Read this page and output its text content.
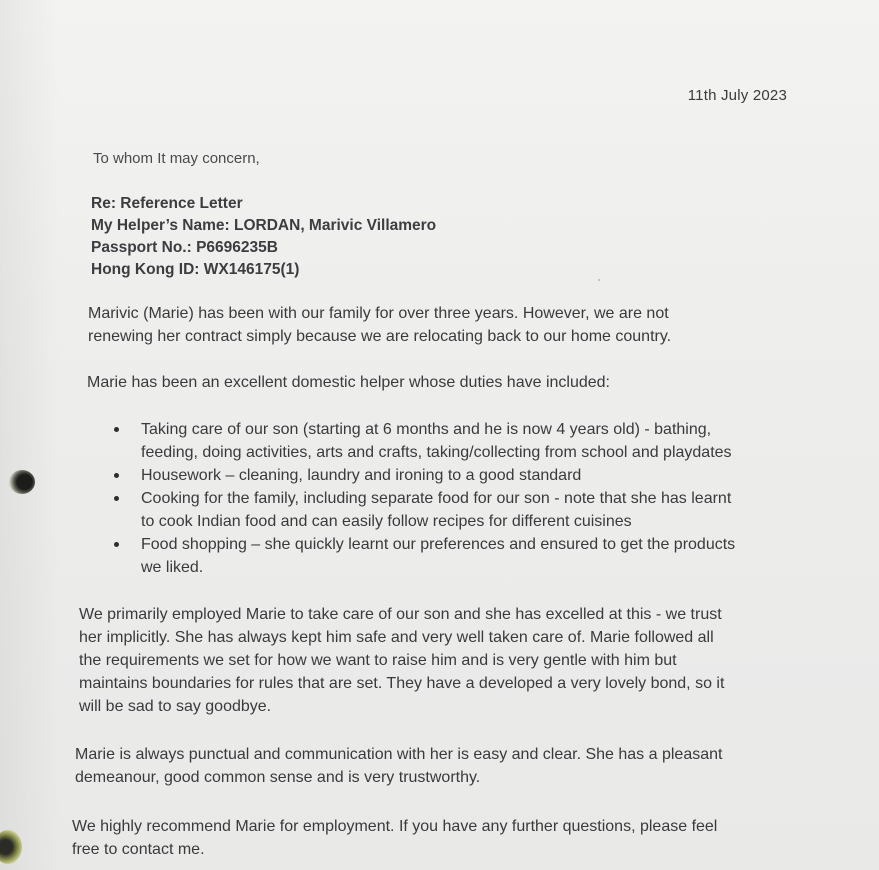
11th July 2023
To whom It may concern,
Re: Reference Letter
My Helper’s Name: LORDAN, Marivic Villamero
Passport No.: P6696235B
Hong Kong ID: WX146175(1)
Marivic (Marie) has been with our family for over three years. However, we are not
renewing her contract simply because we are relocating back to our home country.
Marie has been an excellent domestic helper whose duties have included:
Taking care of our son (starting at 6 months and he is now 4 years old) - bathing,
feeding, doing activities, arts and crafts, taking/collecting from school and playdates
Housework – cleaning, laundry and ironing to a good standard
Cooking for the family, including separate food for our son - note that she has learnt
to cook Indian food and can easily follow recipes for different cuisines
Food shopping – she quickly learnt our preferences and ensured to get the products
we liked.
We primarily employed Marie to take care of our son and she has excelled at this - we trust
her implicitly. She has always kept him safe and very well taken care of. Marie followed all
the requirements we set for how we want to raise him and is very gentle with him but
maintains boundaries for rules that are set. They have a developed a very lovely bond, so it
will be sad to say goodbye.
Marie is always punctual and communication with her is easy and clear. She has a pleasant
demeanour, good common sense and is very trustworthy.
We highly recommend Marie for employment. If you have any further questions, please feel
free to contact me.
